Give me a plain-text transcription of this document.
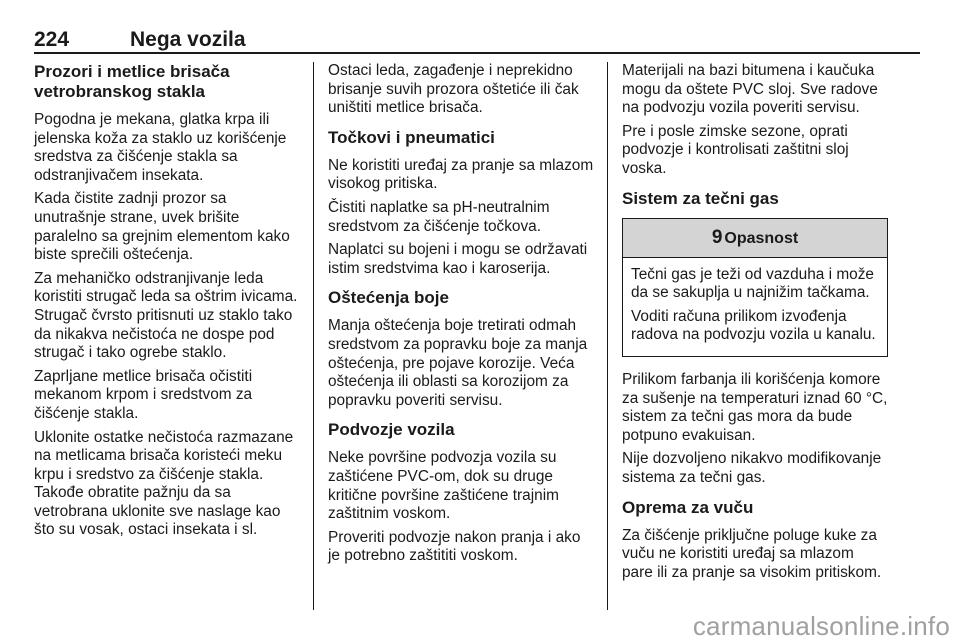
224	Nega vozila
Prozori i metlice brisača vetrobranskog stakla

Pogodna je mekana, glatka krpa ili jelenska koža za staklo uz korišćenje sredstva za čišćenje stakla sa odstranjivačem insekata.

Kada čistite zadnji prozor sa unutrašnje strane, uvek brišite paralelno sa grejnim elementom kako biste sprečili oštećenja.

Za mehaničko odstranjivanje leda koristiti strugač leda sa oštrim ivicama. Strugač čvrsto pritisnuti uz staklo tako da nikakva nečistoća ne dospe pod strugač i tako ogrebe staklo.

Zaprljane metlice brisača očistiti mekanom krpom i sredstvom za čišćenje stakla.

Uklonite ostatke nečistoća razmazane na metlicama brisača koristeći meku krpu i sredstvo za čišćenje stakla. Takođe obratite pažnju da sa vetrobrana uklonite sve naslage kao što su vosak, ostaci insekata i sl.

Ostaci leda, zagađenje i neprekidno brisanje suvih prozora oštetiće ili čak uništiti metlice brisača.

Točkovi i pneumatici

Ne koristiti uređaj za pranje sa mlazom visokog pritiska.

Čistiti naplatke sa pH-neutralnim sredstvom za čišćenje točkova.

Naplatci su bojeni i mogu se održavati istim sredstvima kao i karoserija.

Oštećenja boje

Manja oštećenja boje tretirati odmah sredstvom za popravku boje za manja oštećenja, pre pojave korozije. Veća oštećenja ili oblasti sa korozijom za popravku poveriti servisu.

Podvozje vozila

Neke površine podvozja vozila su zaštićene PVC-om, dok su druge kritične površine zaštićene trajnim zaštitnim voskom.

Proveriti podvozje nakon pranja i ako je potrebno zaštititi voskom.

Materijali na bazi bitumena i kaučuka mogu da oštete PVC sloj. Sve radove na podvozju vozila poveriti servisu.

Pre i posle zimske sezone, oprati podvozje i kontrolisati zaštitni sloj voska.

Sistem za tečni gas
9 Opasnost

Tečni gas je teži od vazduha i može da se sakuplja u najnižim tačkama.

Voditi računa prilikom izvođenja radova na podvozju vozila u kanalu.

Prilikom farbanja ili korišćenja komore za sušenje na temperaturi iznad 60 °C, sistem za tečni gas mora da bude potpuno evakuisan.

Nije dozvoljeno nikakvo modifikovanje sistema za tečni gas.

Oprema za vuču

Za čišćenje priključne poluge kuke za vuču ne koristiti uređaj sa mlazom pare ili za pranje sa visokim pritiskom.

carmanualsonline.info
